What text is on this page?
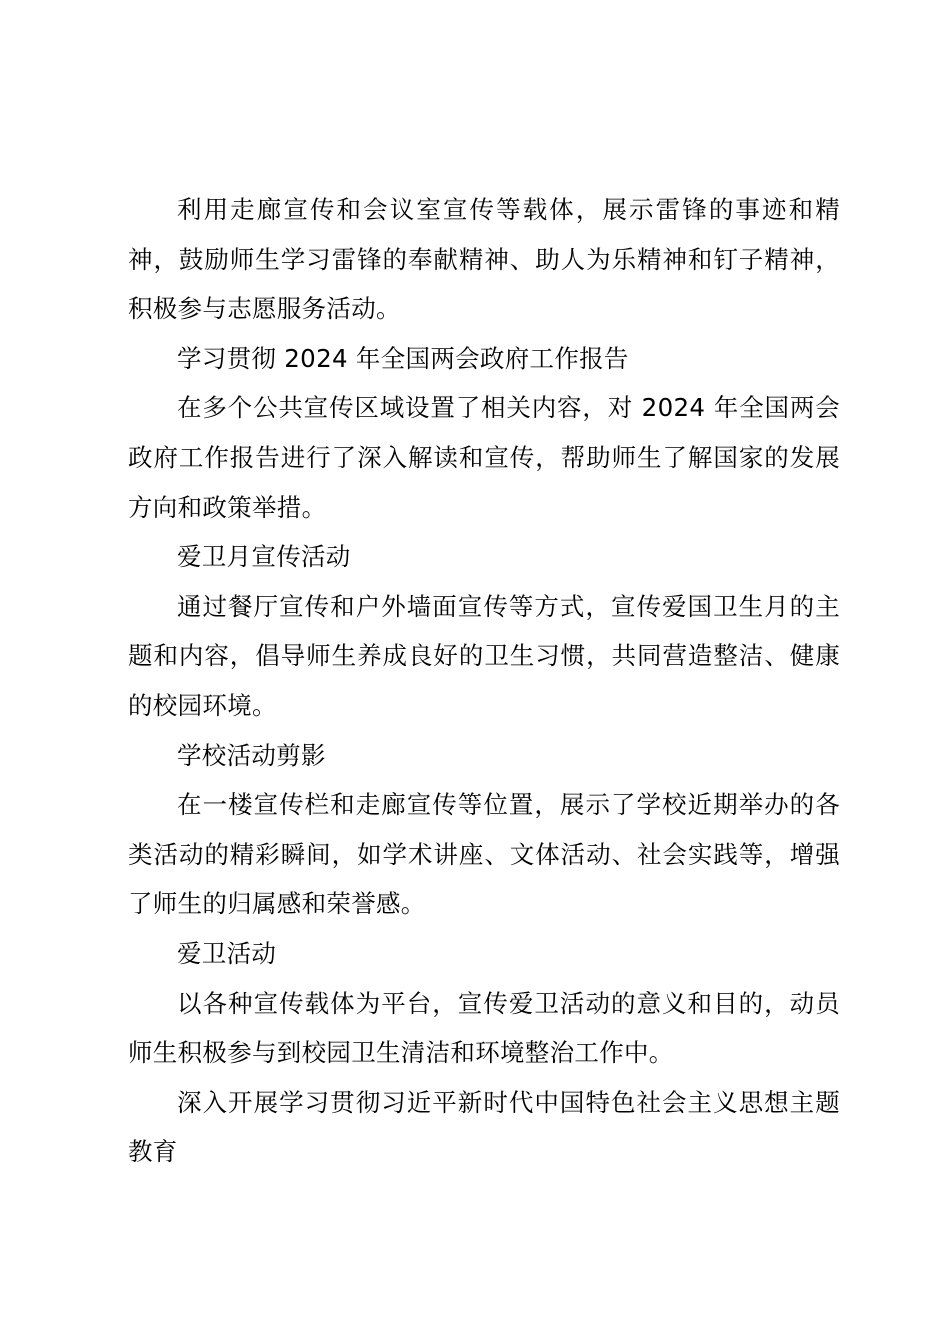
利用走廊宣传和会议室宣传等载体，展示雷锋的事迹和精神，鼓励师生学习雷锋的奉献精神、助人为乐精神和钉子精神，积极参与志愿服务活动。

学习贯彻 2024 年全国两会政府工作报告

在多个公共宣传区域设置了相关内容，对 2024 年全国两会政府工作报告进行了深入解读和宣传，帮助师生了解国家的发展方向和政策举措。

爱卫月宣传活动

通过餐厅宣传和户外墙面宣传等方式，宣传爱国卫生月的主题和内容，倡导师生养成良好的卫生习惯，共同营造整洁、健康的校园环境。

学校活动剪影

在一楼宣传栏和走廊宣传等位置，展示了学校近期举办的各类活动的精彩瞬间，如学术讲座、文体活动、社会实践等，增强了师生的归属感和荣誉感。

爱卫活动

以各种宣传载体为平台，宣传爱卫活动的意义和目的，动员师生积极参与到校园卫生清洁和环境整治工作中。

深入开展学习贯彻习近平新时代中国特色社会主义思想主题教育
